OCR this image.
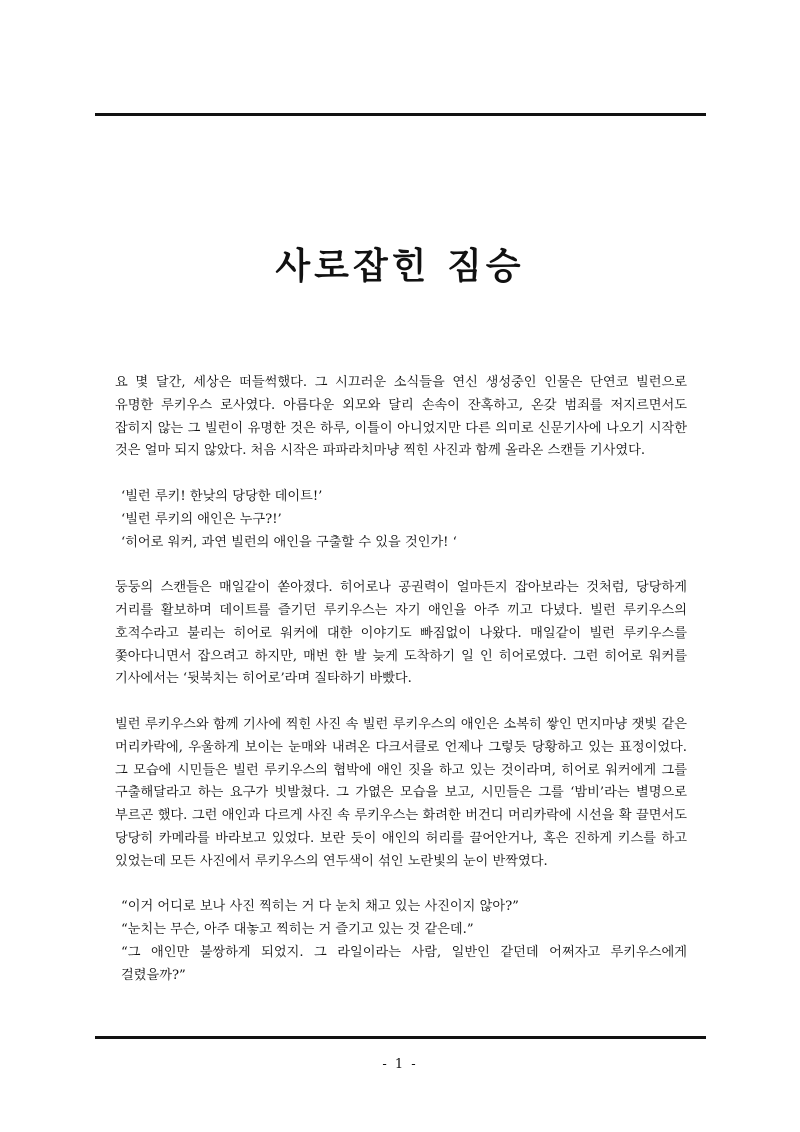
사로잡힌 짐승

요 몇 달간, 세상은 떠들썩했다. 그 시끄러운 소식들을 연신 생성중인 인물은 단연코 빌런으로 유명한 루키우스 로사였다. 아름다운 외모와 달리 손속이 잔혹하고, 온갖 범죄를 저지르면서도 잡히지 않는 그 빌런이 유명한 것은 하루, 이틀이 아니었지만 다른 의미로 신문기사에 나오기 시작한 것은 얼마 되지 않았다. 처음 시작은 파파라치마냥 찍힌 사진과 함께 올라온 스캔들 기사였다.

‘빌런 루키! 한낮의 당당한 데이트!’

‘빌런 루키의 애인은 누구?!’

‘히어로 워커, 과연 빌런의 애인을 구출할 수 있을 것인가! ‘

둥둥의 스캔들은 매일같이 쏟아졌다. 히어로나 공권력이 얼마든지 잡아보라는 것처럼, 당당하게 거리를 활보하며 데이트를 즐기던 루키우스는 자기 애인을 아주 끼고 다녔다. 빌런 루키우스의 호적수라고 불리는 히어로 워커에 대한 이야기도 빠짐없이 나왔다. 매일같이 빌런 루키우스를 쫓아다니면서 잡으려고 하지만, 매번 한 발 늦게 도착하기 일 인 히어로였다. 그런 히어로 워커를 기사에서는 ‘뒷북치는 히어로’라며 질타하기 바빴다.

빌런 루키우스와 함께 기사에 찍힌 사진 속 빌런 루키우스의 애인은 소복히 쌓인 먼지마냥 잿빛 같은 머리카락에, 우울하게 보이는 눈매와 내려온 다크서클로 언제나 그렇듯 당황하고 있는 표정이었다. 그 모습에 시민들은 빌런 루키우스의 협박에 애인 짓을 하고 있는 것이라며, 히어로 워커에게 그를 구출해달라고 하는 요구가 빗발쳤다. 그 가엾은 모습을 보고, 시민들은 그를 ‘밤비’라는 별명으로 부르곤 했다. 그런 애인과 다르게 사진 속 루키우스는 화려한 버건디 머리카락에 시선을 확 끌면서도 당당히 카메라를 바라보고 있었다. 보란 듯이 애인의 허리를 끌어안거나, 혹은 진하게 키스를 하고 있었는데 모든 사진에서 루키우스의 연두색이 섞인 노란빛의 눈이 반짝였다.

“이거 어디로 보나 사진 찍히는 거 다 눈치 채고 있는 사진이지 않아?”

“눈치는 무슨, 아주 대놓고 찍히는 거 즐기고 있는 것 같은데.”

“그 애인만 불쌍하게 되었지. 그 라일이라는 사람, 일반인 같던데 어쩌자고 루키우스에게 걸렸을까?”

- 1 -
